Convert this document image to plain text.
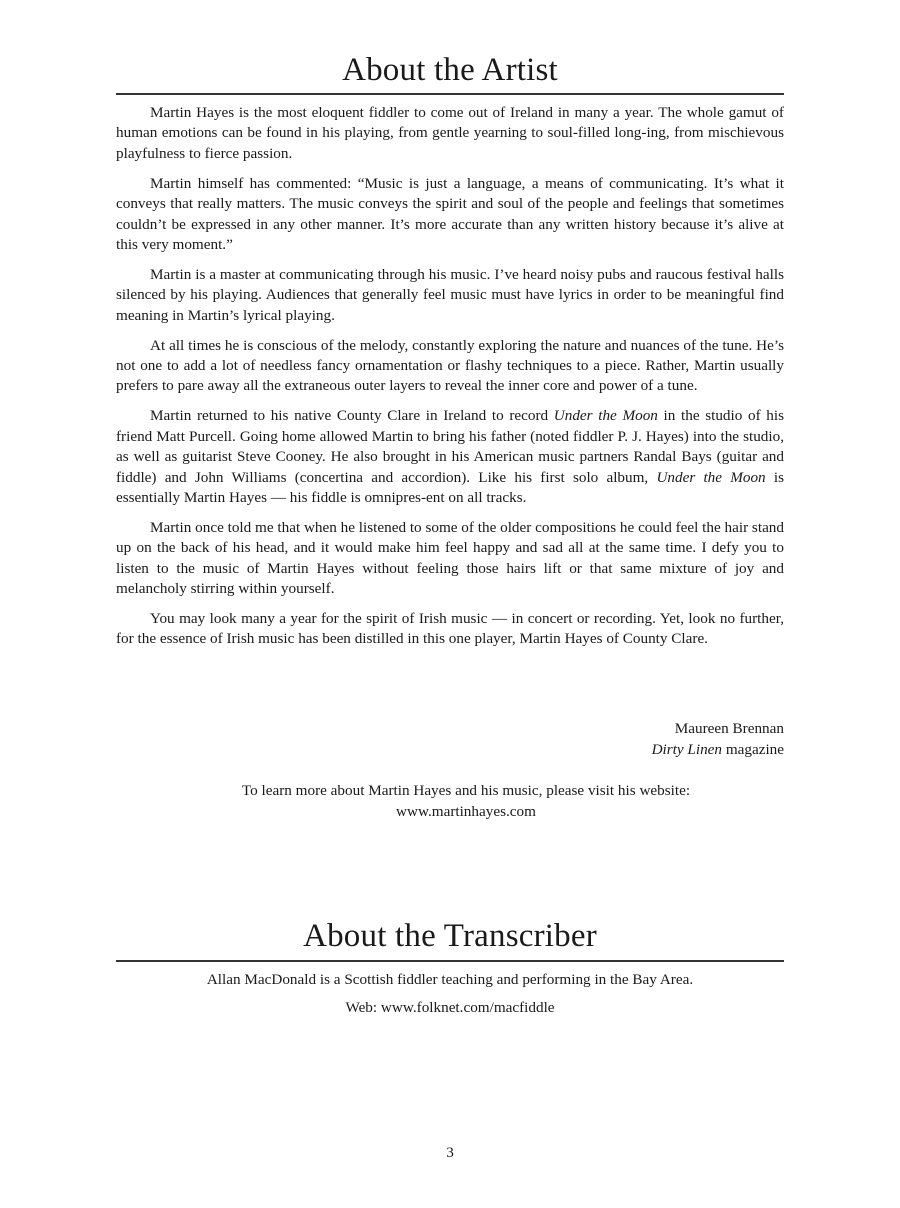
About the Artist

Martin Hayes is the most eloquent fiddler to come out of Ireland in many a year. The whole gamut of human emotions can be found in his playing, from gentle yearning to soul-filled long-ing, from mischievous playfulness to fierce passion.

Martin himself has commented: “Music is just a language, a means of communicating. It’s what it conveys that really matters. The music conveys the spirit and soul of the people and feelings that sometimes couldn’t be expressed in any other manner. It’s more accurate than any written history because it’s alive at this very moment.”

Martin is a master at communicating through his music. I’ve heard noisy pubs and raucous festival halls silenced by his playing. Audiences that generally feel music must have lyrics in order to be meaningful find meaning in Martin’s lyrical playing.

At all times he is conscious of the melody, constantly exploring the nature and nuances of the tune. He’s not one to add a lot of needless fancy ornamentation or flashy techniques to a piece. Rather, Martin usually prefers to pare away all the extraneous outer layers to reveal the inner core and power of a tune.

Martin returned to his native County Clare in Ireland to record Under the Moon in the studio of his friend Matt Purcell. Going home allowed Martin to bring his father (noted fiddler P. J. Hayes) into the studio, as well as guitarist Steve Cooney. He also brought in his American music partners Randal Bays (guitar and fiddle) and John Williams (concertina and accordion). Like his first solo album, Under the Moon is essentially Martin Hayes — his fiddle is omnipres-ent on all tracks.

Martin once told me that when he listened to some of the older compositions he could feel the hair stand up on the back of his head, and it would make him feel happy and sad all at the same time. I defy you to listen to the music of Martin Hayes without feeling those hairs lift or that same mixture of joy and melancholy stirring within yourself.

You may look many a year for the spirit of Irish music — in concert or recording. Yet, look no further, for the essence of Irish music has been distilled in this one player, Martin Hayes of County Clare.

Maureen Brennan
Dirty Linen magazine
To learn more about Martin Hayes and his music, please visit his website:
www.martinhayes.com
About the Transcriber
Allan MacDonald is a Scottish fiddler teaching and performing in the Bay Area.
Web: www.folknet.com/macfiddle
3
